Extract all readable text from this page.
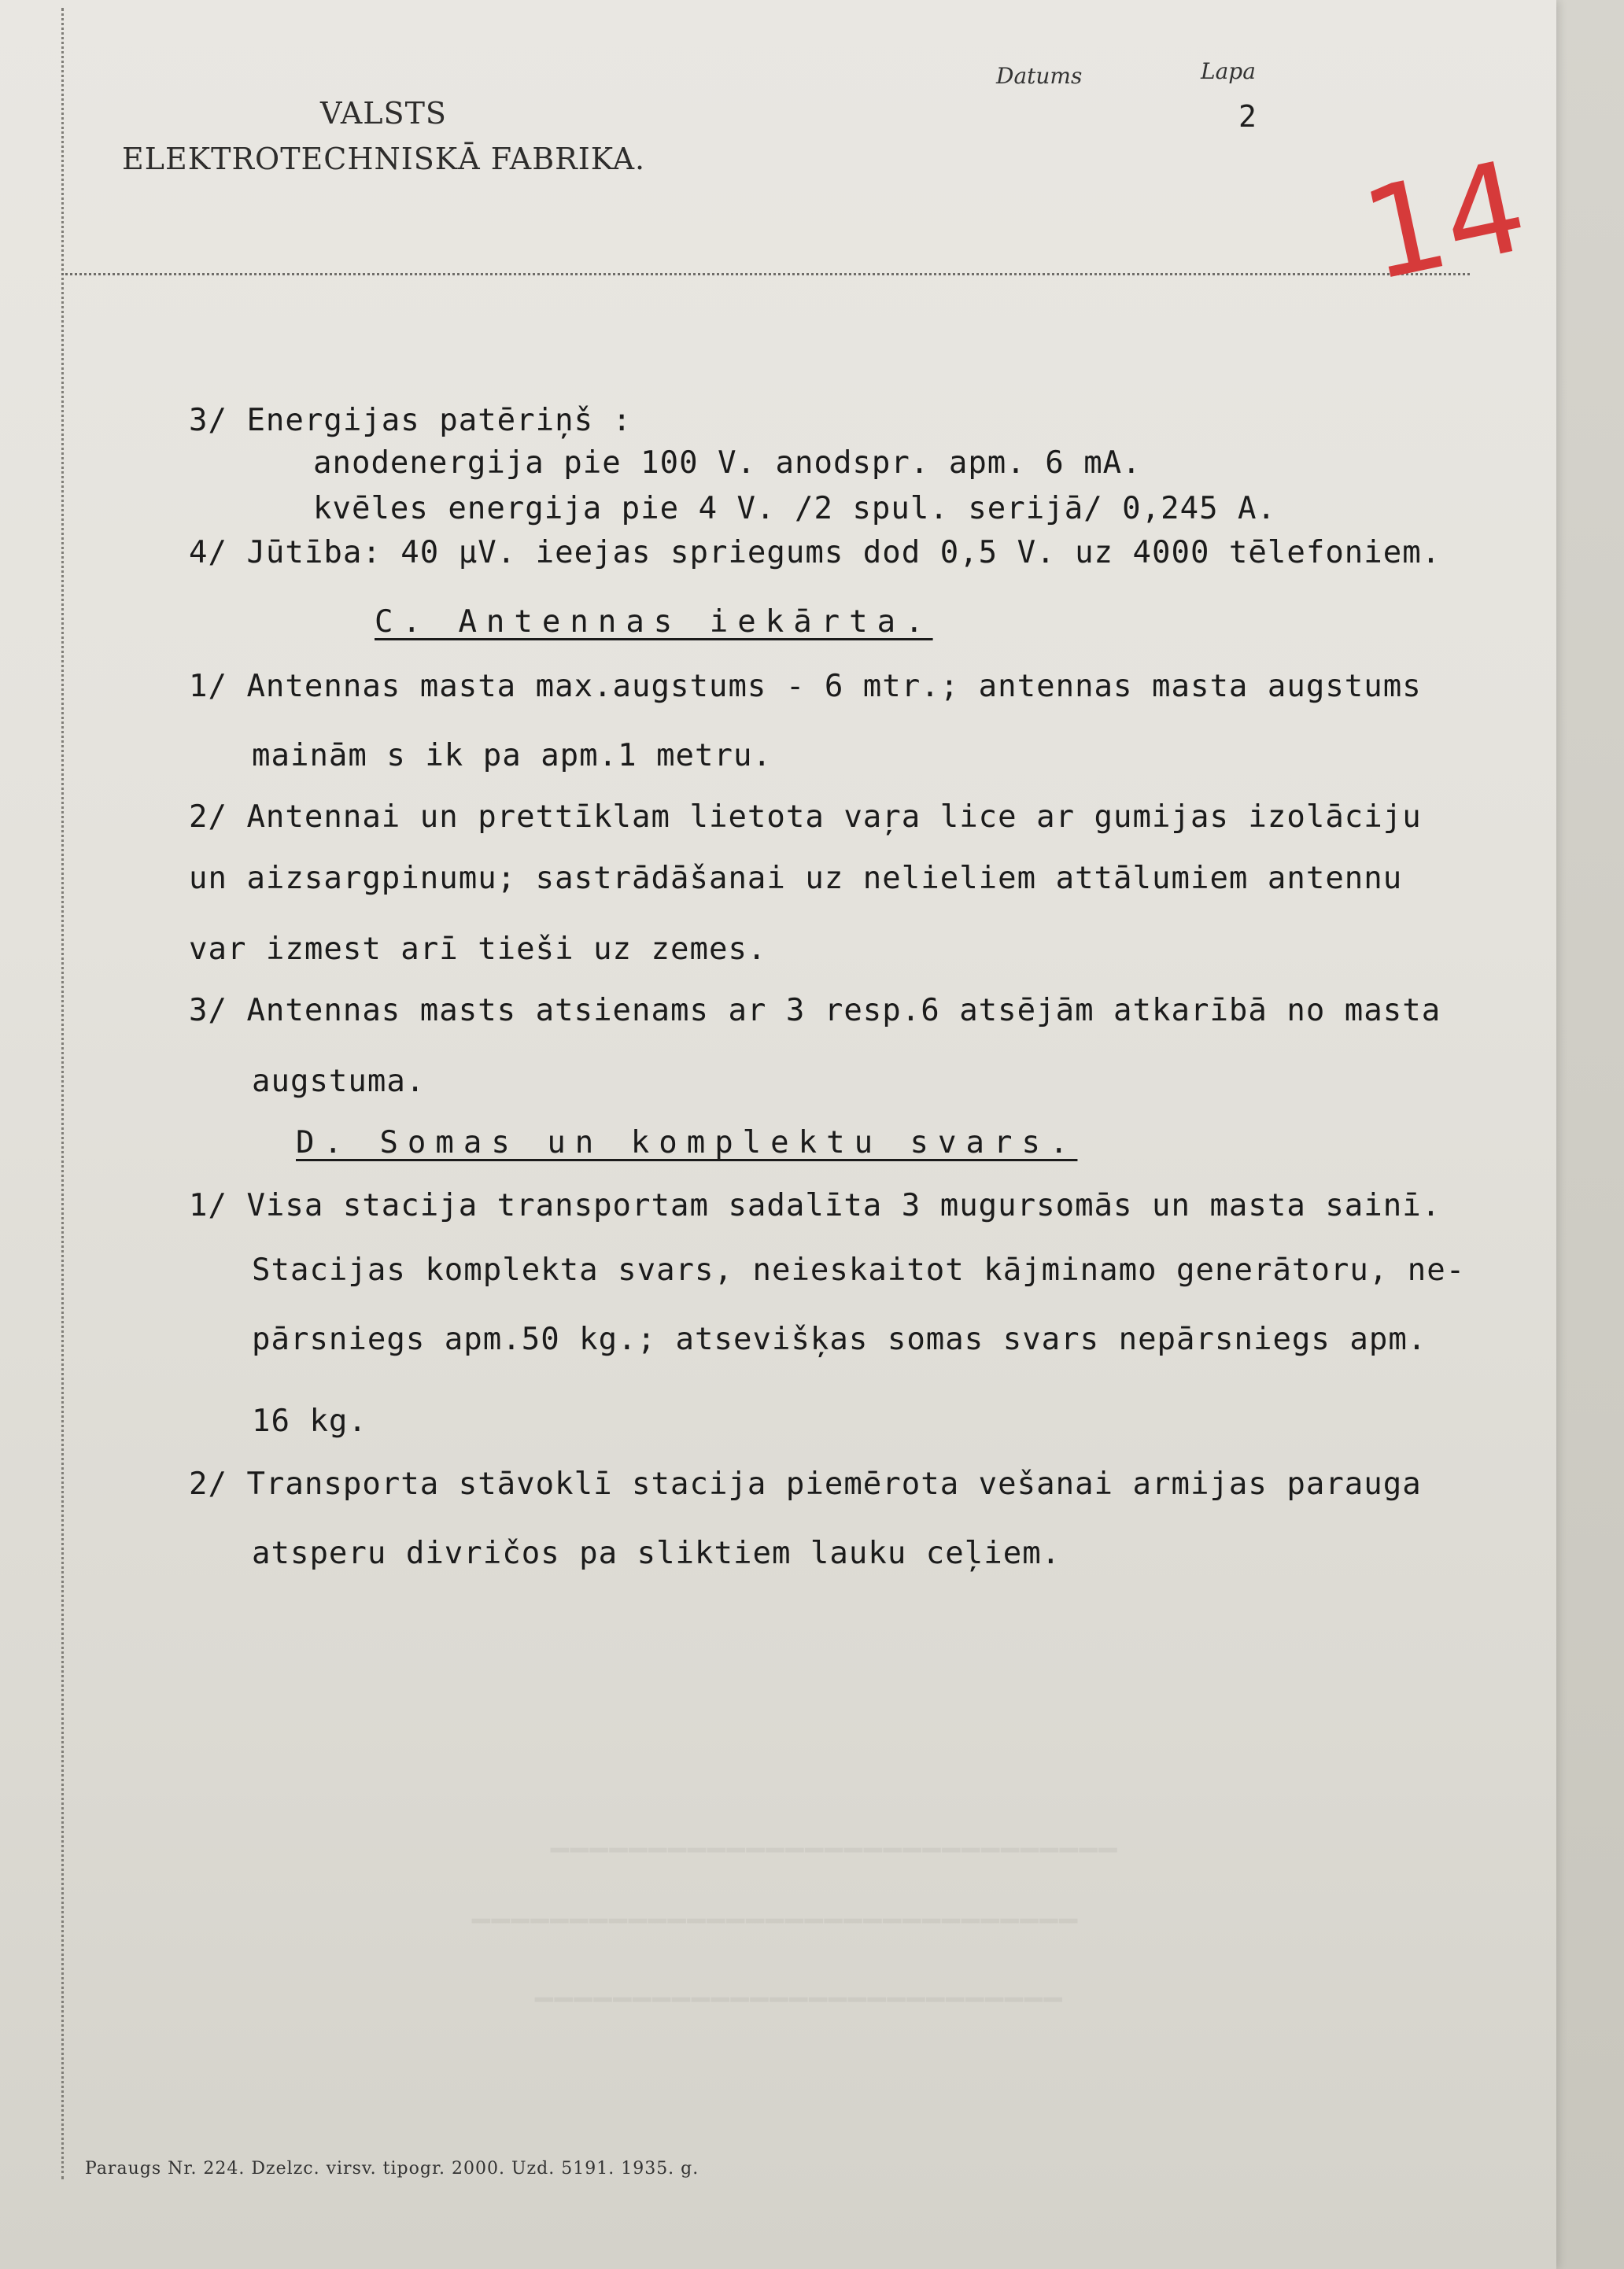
VALSTS
ELEKTROTECHNISKĀ FABRIKA.
Datums	Lapa
2
14
▁▁▁▁▁▁▁▁▁▁▁▁▁▁▁▁▁▁▁▁▁▁▁▁▁▁▁▁▁
▁▁▁▁▁▁▁▁▁▁▁▁▁▁▁▁▁▁▁▁▁▁▁▁▁▁▁▁▁▁▁
▁▁▁▁▁▁▁▁▁▁▁▁▁▁▁▁▁▁▁▁▁▁▁▁▁▁▁
3/ Energijas patēriņš :
anodenergija pie 100 V. anodspr. apm. 6 mA.
kvēles energija pie 4 V. /2 spul. serijā/ 0,245 A.
4/ Jūtība: 40 μV. ieejas spriegums dod 0,5 V. uz 4000 tēlefoniem.
C. Antennas iekārta.
1/ Antennas masta max.augstums - 6 mtr.; antennas masta augstums
mainām s ik pa apm.1 metru.
2/ Antennai un prettīklam lietota vaŗa lice ar gumijas izolāciju
un aizsargpinumu; sastrādāšanai uz nelieliem attālumiem antennu
var izmest arī tieši uz zemes.
3/ Antennas masts atsienams ar 3 resp.6 atsējām atkarībā no masta
augstuma.
D. Somas un komplektu svars.
1/ Visa stacija transportam sadalīta 3 mugursomās un masta sainī.
Stacijas komplekta svars, neieskaitot kājminamo generātoru, ne-
pārsniegs apm.50 kg.; atsevišķas somas svars nepārsniegs apm.
16 kg.
2/ Transporta stāvoklī stacija piemērota vešanai armijas parauga
atsperu divričos pa sliktiem lauku ceļiem.
Paraugs Nr. 224. Dzelzc. virsv. tipogr. 2000. Uzd. 5191. 1935. g.
